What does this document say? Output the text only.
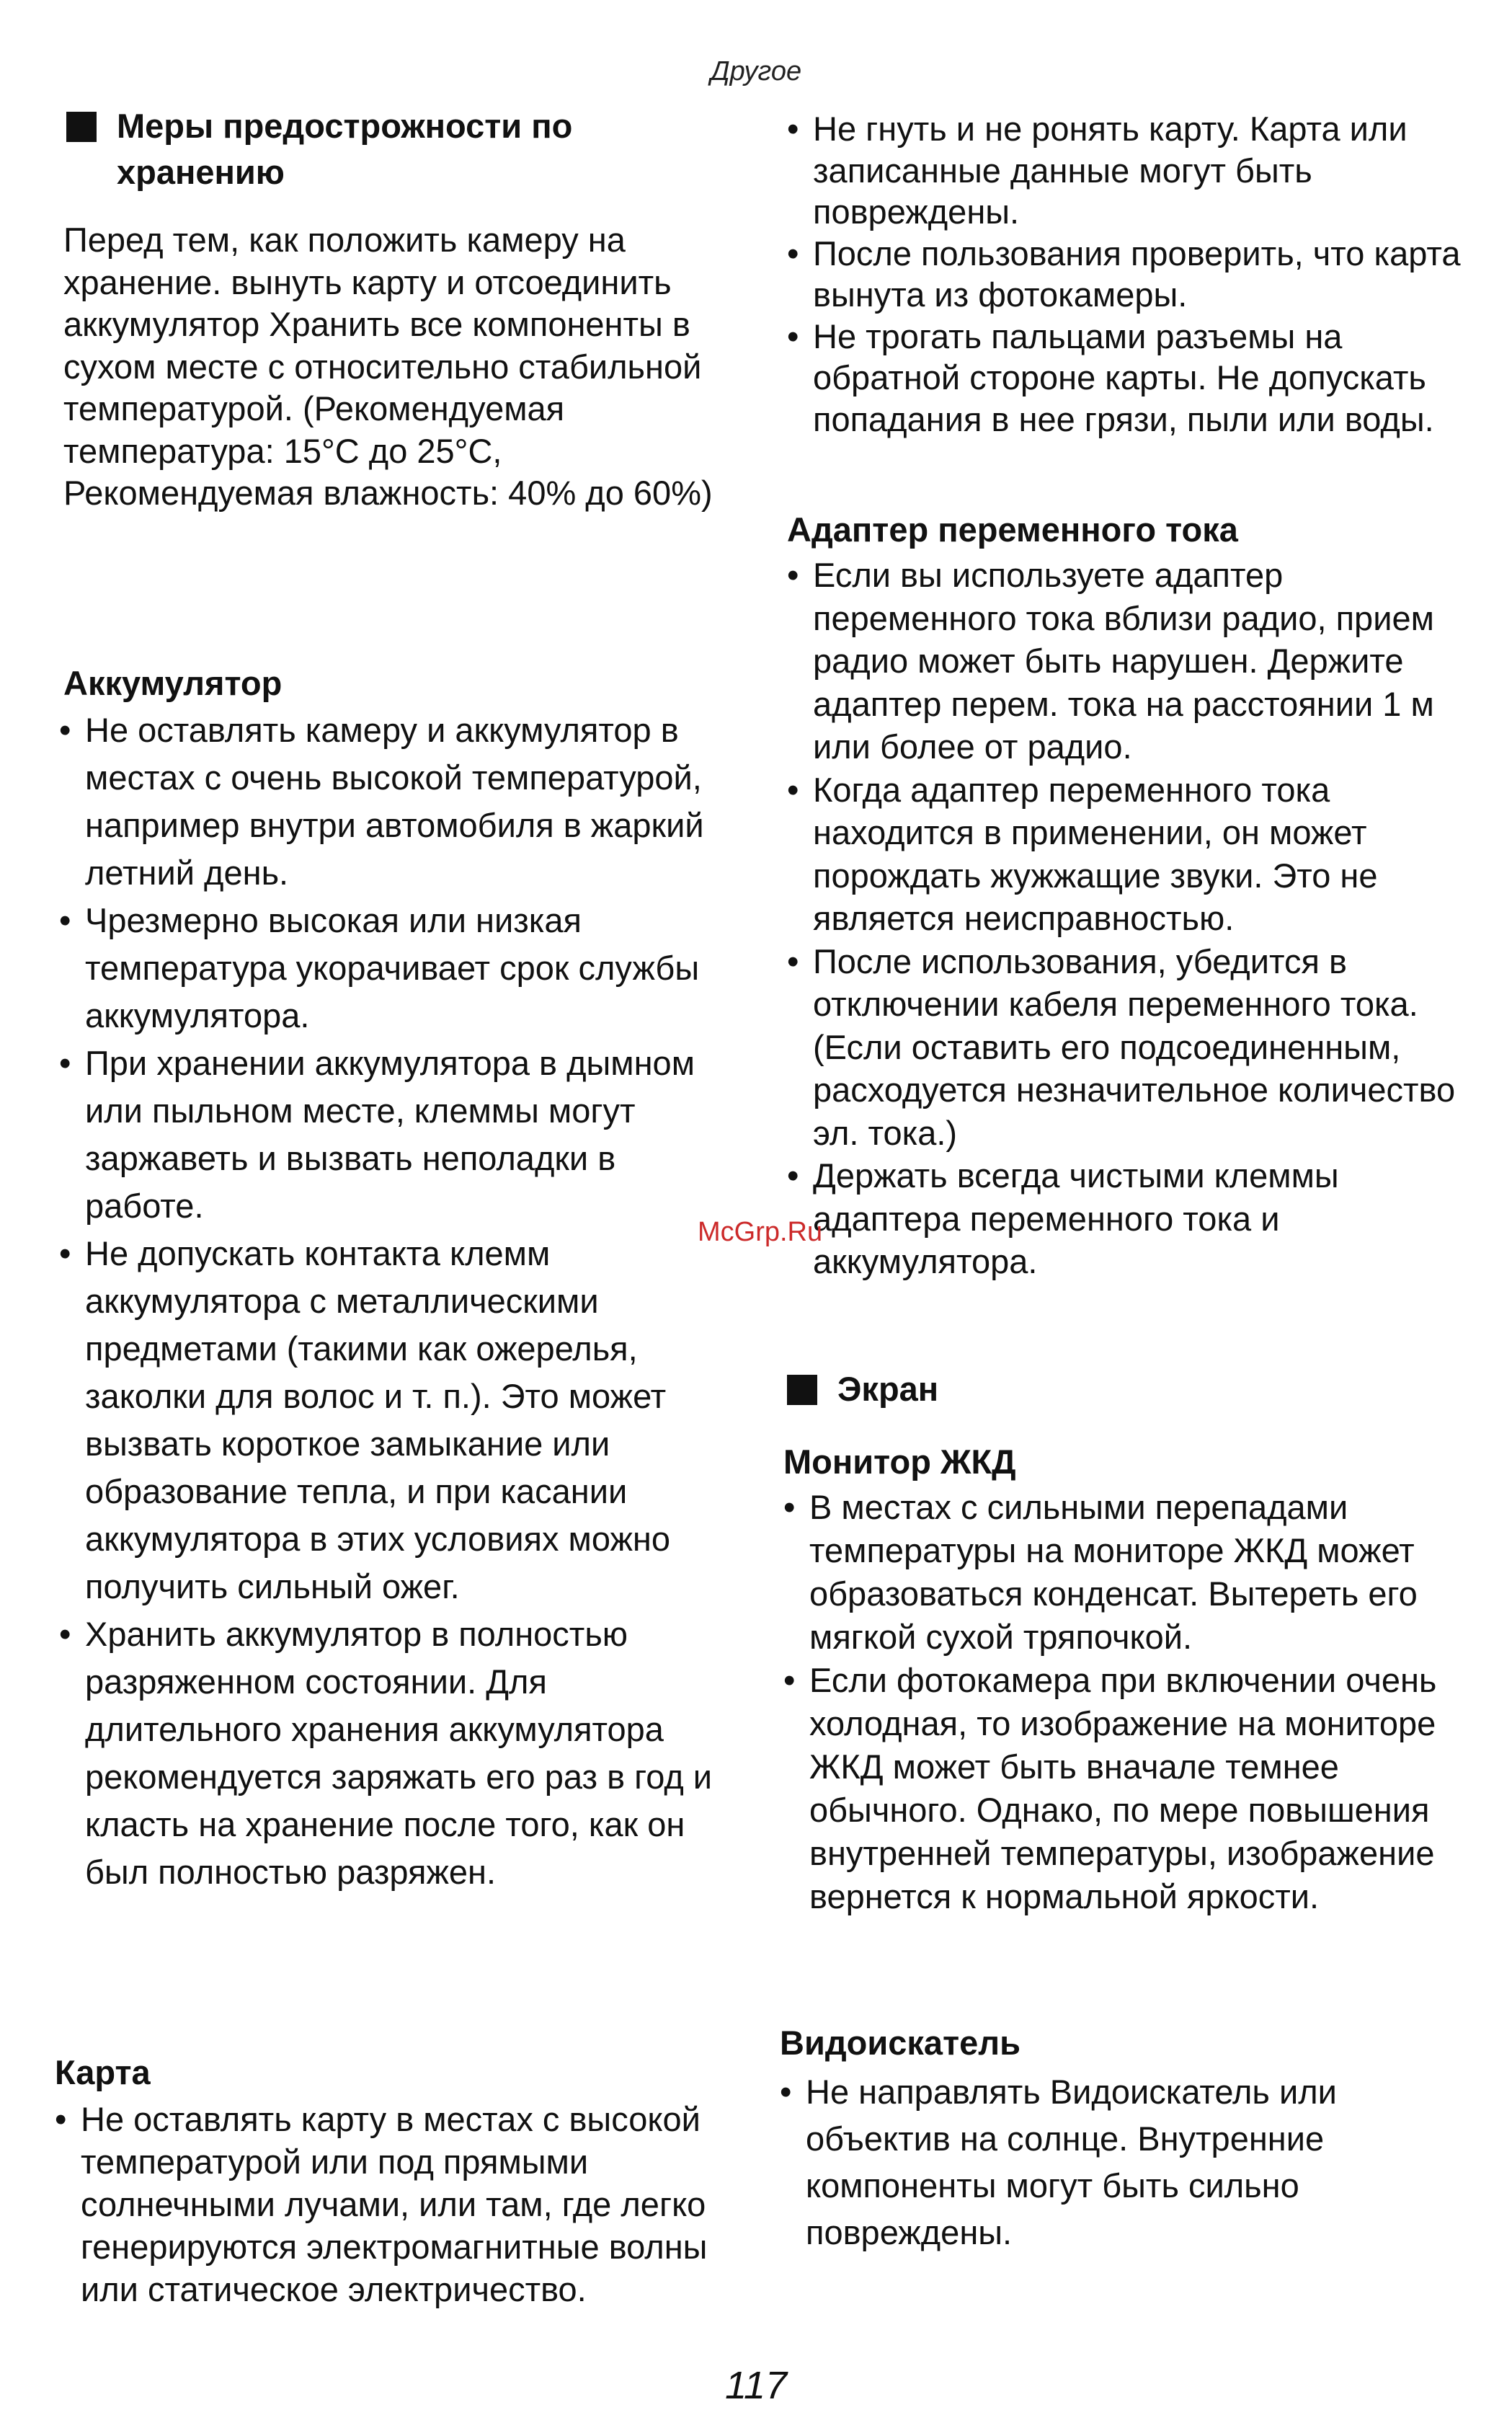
Другое
Меры предострожности по хранению
Перед тем, как положить камеру на хранение. вынуть карту и отсоединить аккумулятор Хранить все компоненты в сухом месте с относительно стабильной температурой. (Рекомендуемая температура: 15°C до 25°C, Рекомендуемая влажность: 40% до 60%)
Аккумулятор
• Не оставлять камеру и аккумулятор в местах с очень высокой температурой, например внутри автомобиля в жаркий летний день.
• Чрезмерно высокая или низкая температура укорачивает срок службы аккумулятора.
• При хранении аккумулятора в дымном или пыльном месте, клеммы могут заржаветь и вызвать неполадки в работе.
• Не допускать контакта клемм аккумулятора с металлическими предметами (такими как ожерелья, заколки для волос и т. п.). Это может вызвать короткое замыкание или образование тепла, и при касании аккумулятора в этих условиях можно получить сильный ожег.
• Хранить аккумулятор в полностью разряженном состоянии. Для длительного хранения аккумулятора рекомендуется заряжать его раз в год и класть на хранение после того, как он был полностью разряжен.
Карта
• Не оставлять карту в местах с высокой температурой или под прямыми солнечными лучами, или там, где легко генерируются электромагнитные волны или статическое электричество.
• Не гнуть и не ронять карту. Карта или записанные данные могут быть повреждены.
• После пользования проверить, что карта вынута из фотокамеры.
• Не трогать пальцами разъемы на обратной стороне карты. Не допускать попадания в нее грязи, пыли или воды.
Адаптер переменного тока
• Если вы используете адаптер переменного тока вблизи радио, прием радио может быть нарушен. Держите адаптер перем. тока на расстоянии 1 м или более от радио.
• Когда адаптер переменного тока находится в применении, он может порождать жужжащие звуки. Это не является неисправностью.
• После использования, убедится в отключении кабеля переменного тока. (Если оставить его подсоединенным, расходуется незначительное количество эл. тока.)
• Держать всегда чистыми клеммы адаптера переменного тока и аккумулятора.
Экран
Монитор ЖКД
• В местах с сильными перепадами температуры на мониторе ЖКД может образоваться конденсат. Вытереть его мягкой сухой тряпочкой.
• Если фотокамера при включении очень холодная, то изображение на мониторе ЖКД может быть вначале темнее обычного. Однако, по мере повышения внутренней температуры, изображение вернется к нормальной яркости.
Видоискатель
• Не направлять Видоискатель или объектив на солнце. Внутренние компоненты могут быть сильно повреждены.
McGrp.Ru
117
